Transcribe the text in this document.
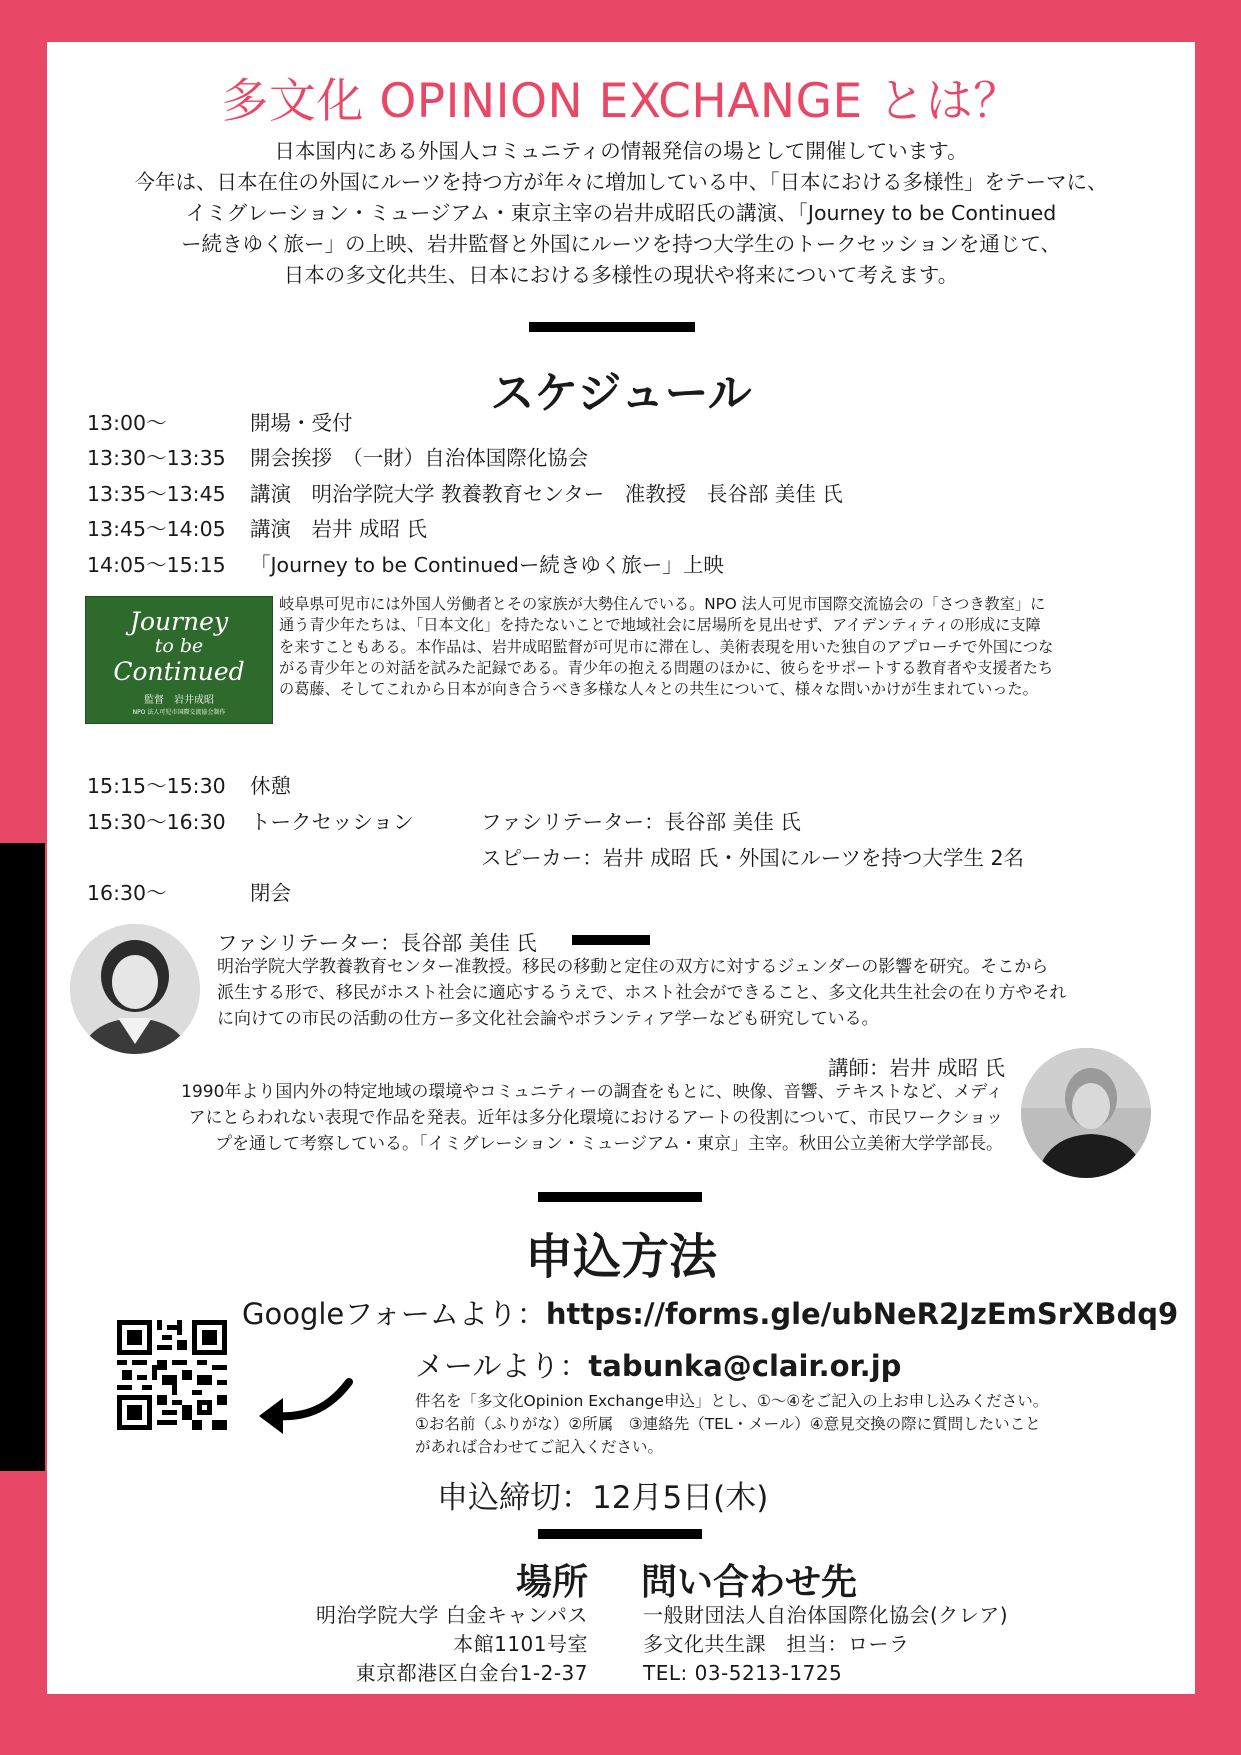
多文化 OPINION EXCHANGE とは？
日本国内にある外国人コミュニティの情報発信の場として開催しています。
今年は、日本在住の外国にルーツを持つ方が年々に増加している中、「日本における多様性」をテーマに、
イミグレーション・ミュージアム・東京主宰の岩井成昭氏の講演、「Journey to be Continued
ー続きゆく旅ー」の上映、岩井監督と外国にルーツを持つ大学生のトークセッションを通じて、
日本の多文化共生、日本における多様性の現状や将来について考えます。
スケジュール
13:00〜	開場・受付
13:30〜13:35 開会挨拶　（一財）自治体国際化協会
13:35〜13:45 講演　明治学院大学 教養教育センター　准教授　長谷部 美佳 氏
13:45〜14:05 講演　岩井 成昭 氏
14:05〜15:15 「Journey to be Continuedー続きゆく旅ー」上映
Journey
to be
Continued
監督　岩井成昭
NPO 法人可児市国際交流協会制作
岐阜県可児市には外国人労働者とその家族が大勢住んでいる。NPO 法人可児市国際交流協会の「さつき教室」に
通う青少年たちは、「日本文化」を持たないことで地域社会に居場所を見出せず、アイデンティティの形成に支障
を来すこともある。本作品は、岩井成昭監督が可児市に滞在し、美術表現を用いた独自のアプローチで外国につな
がる青少年との対話を試みた記録である。青少年の抱える問題のほかに、彼らをサポートする教育者や支援者たち
の葛藤、そしてこれから日本が向き合うべき多様な人々との共生について、様々な問いかけが生まれていった。
15:15〜15:30 休憩
15:30〜16:30 トークセッション	ファシリテーター：長谷部 美佳 氏
スピーカー：岩井 成昭 氏・外国にルーツを持つ大学生 2名
16:30〜	閉会
ファシリテーター：長谷部 美佳 氏
明治学院大学教養教育センター准教授。移民の移動と定住の双方に対するジェンダーの影響を研究。そこから
派生する形で、移民がホスト社会に適応するうえで、ホスト社会ができること、多文化共生社会の在り方やそれ
に向けての市民の活動の仕方ー多文化社会論やボランティア学ーなども研究している。
講師：岩井 成昭 氏
1990年より国内外の特定地域の環境やコミュニティーの調査をもとに、映像、音響、テキストなど、メディ
アにとらわれない表現で作品を発表。近年は多分化環境におけるアートの役割について、市民ワークショッ
プを通して考察している。「イミグレーション・ミュージアム・東京」主宰。秋田公立美術大学学部長。
申込方法
Googleフォームより：https://forms.gle/ubNeR2JzEmSrXBdq9
メールより：tabunka@clair.or.jp
件名を「多文化Opinion Exchange申込」とし、①〜④をご記入の上お申し込みください。
①お名前（ふりがな）②所属　③連絡先（TEL・メール）④意見交換の際に質問したいこと
があれば合わせてご記入ください。
申込締切：12月5日(木)
場所
明治学院大学 白金キャンパス
本館1101号室
東京都港区白金台1-2-37
問い合わせ先
一般財団法人自治体国際化協会(クレア)
多文化共生課　担当：ローラ
TEL: 03-5213-1725
